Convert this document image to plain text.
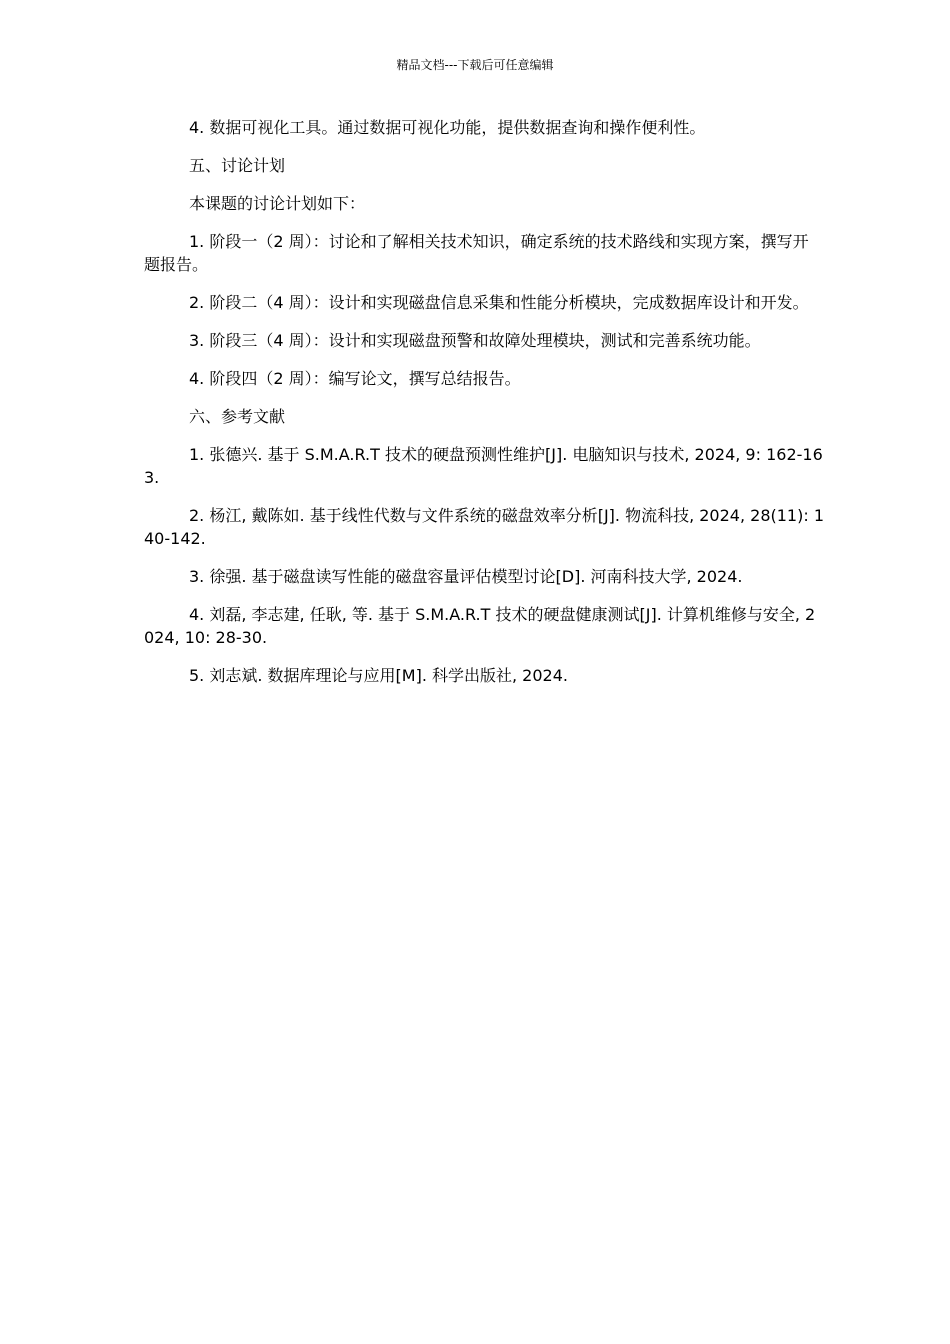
精品文档---下载后可任意编辑

4. 数据可视化工具。通过数据可视化功能，提供数据查询和操作便利性。

五、讨论计划

本课题的讨论计划如下：

1. 阶段一（2 周）：讨论和了解相关技术知识，确定系统的技术路线和实现方案，撰写开题报告。

2. 阶段二（4 周）：设计和实现磁盘信息采集和性能分析模块，完成数据库设计和开发。

3. 阶段三（4 周）：设计和实现磁盘预警和故障处理模块，测试和完善系统功能。

4. 阶段四（2 周）：编写论文，撰写总结报告。

六、参考文献

1. 张德兴. 基于 S.M.A.R.T 技术的硬盘预测性维护[J]. 电脑知识与技术, 2024, 9: 162-163.

2. 杨江, 戴陈如. 基于线性代数与文件系统的磁盘效率分析[J]. 物流科技, 2024, 28(11): 140-142.

3. 徐强. 基于磁盘读写性能的磁盘容量评估模型讨论[D]. 河南科技大学, 2024.

4. 刘磊, 李志建, 任耿, 等. 基于 S.M.A.R.T 技术的硬盘健康测试[J]. 计算机维修与安全, 2024, 10: 28-30.

5. 刘志斌. 数据库理论与应用[M]. 科学出版社, 2024.
